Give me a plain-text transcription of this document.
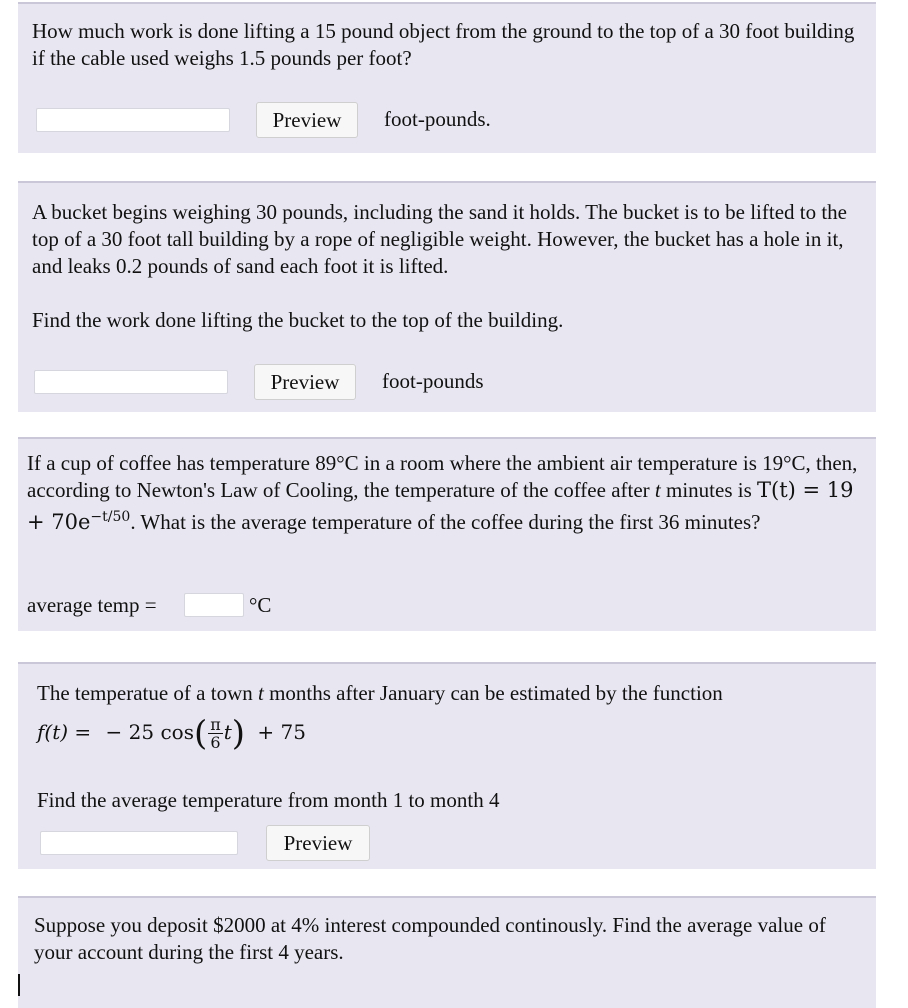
How much work is done lifting a 15 pound object from the ground to the top of a 30 foot building if the cable used weighs 1.5 pounds per foot?

Preview	foot-pounds.

A bucket begins weighing 30 pounds, including the sand it holds. The bucket is to be lifted to the top of a 30 foot tall building by a rope of negligible weight. However, the bucket has a hole in it, and leaks 0.2 pounds of sand each foot it is lifted.

Find the work done lifting the bucket to the top of the building.

Preview	foot-pounds

If a cup of coffee has temperature 89°C in a room where the ambient air temperature is 19°C, then, according to Newton's Law of Cooling, the temperature of the coffee after t minutes is $T(t) = 19 + 70e^{-t/50}$. What is the average temperature of the coffee during the first 36 minutes?

average temp =	°C

The temperatue of a town t months after January can be estimated by the function

f(t) = − 25 $\cos( \frac{\pi}{6} t) + 75$

Find the average temperature from month 1 to month 4

Preview

Suppose you deposit $2000 at 4% interest compounded continously. Find the average value of your account during the first 4 years.
